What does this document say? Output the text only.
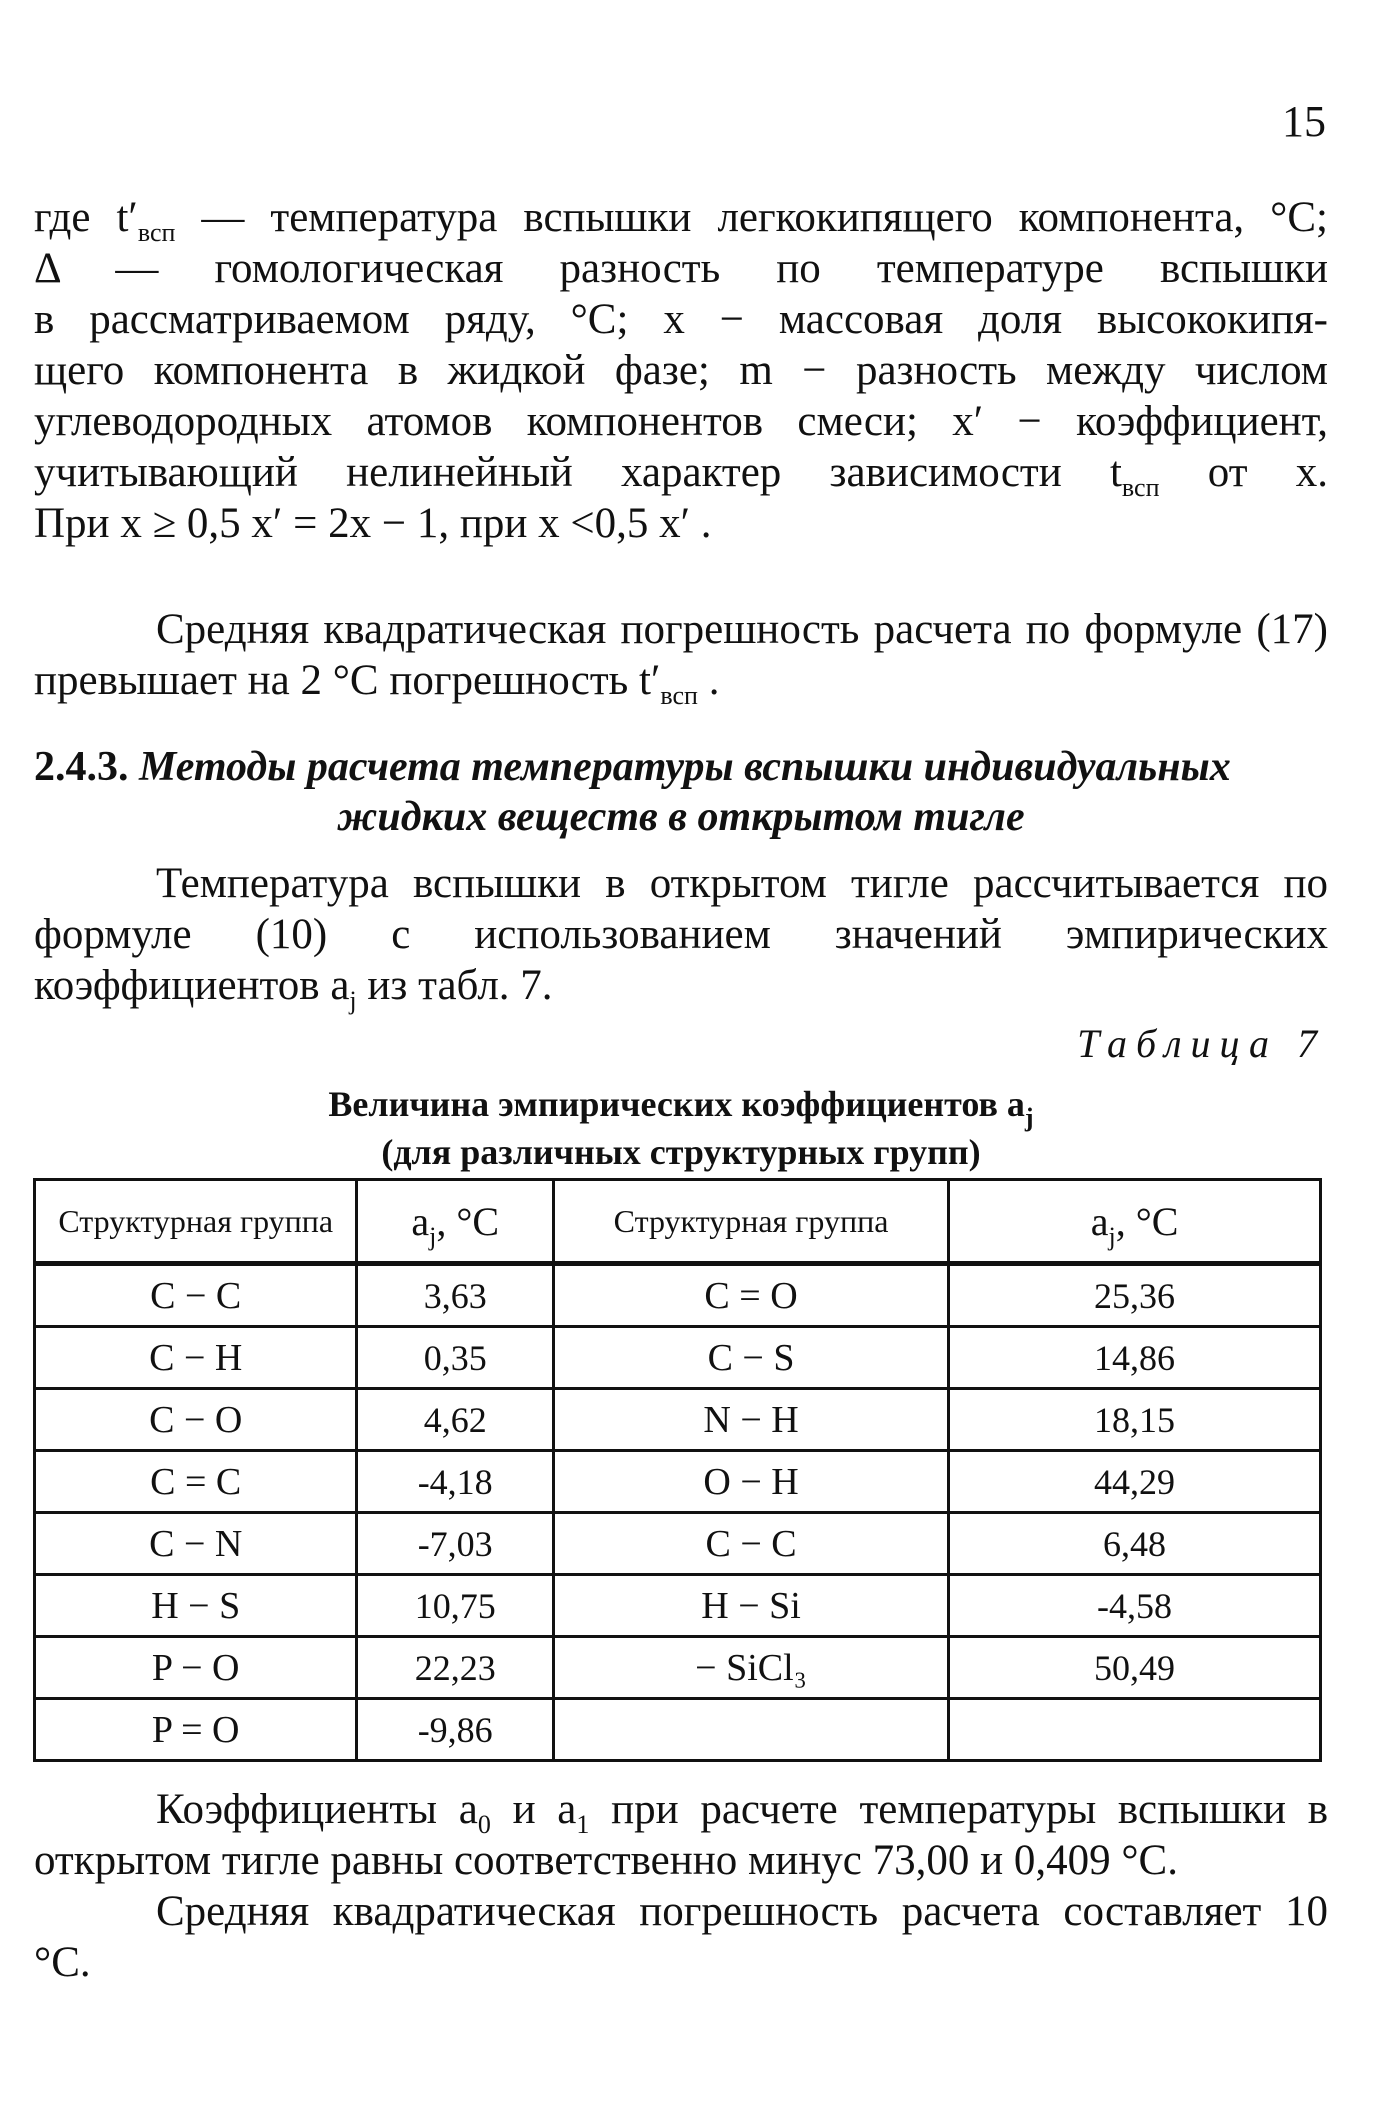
15
где $t'_{всп}$ — температура вспышки легкокипящего компонента, °С;
Δ — гомологическая разность по температуре вспышки
в рассматриваемом ряду, °С; x − массовая доля высококипя-
щего компонента в жидкой фазе; m − разность между числом
углеводородных атомов компонентов смеси; x′ − коэффициент,
учитывающий нелинейный характер зависимости $t_{всп}$ от x.
При x ≥ 0,5 x′ = 2x − 1, при x <0,5 x′ .
Средняя квадратическая погрешность расчета по формуле (17) превышает на 2 °С погрешность $t'_{всп}$ .
2.4.3. Методы расчета температуры вспышки индивидуальных
жидких веществ в открытом тигле
Температура вспышки в открытом тигле рассчитывается по формуле (10) с использованием значений эмпирических коэффициентов $a_j$ из табл. 7.
Таблица 7
Величина эмпирических коэффициентов $a_j$
(для различных структурных групп)
Структурная группа	$a_j$, °С	Структурная группа	$a_j$, °С
C − C	3,63	C = O	25,36
C − H	0,35	C − S	14,86
C − O	4,62	N − H	18,15
C = C	-4,18	O − H	44,29
C − N	-7,03	C − C	6,48
H − S	10,75	H − Si	-4,58
P − O	22,23	− SiCl₃	50,49
P = O	-9,86		
Коэффициенты $a_0$ и $a_1$ при расчете температуры вспышки в открытом тигле равны соответственно минус 73,00 и 0,409 °С.
Средняя квадратическая погрешность расчета составляет 10 °С.
